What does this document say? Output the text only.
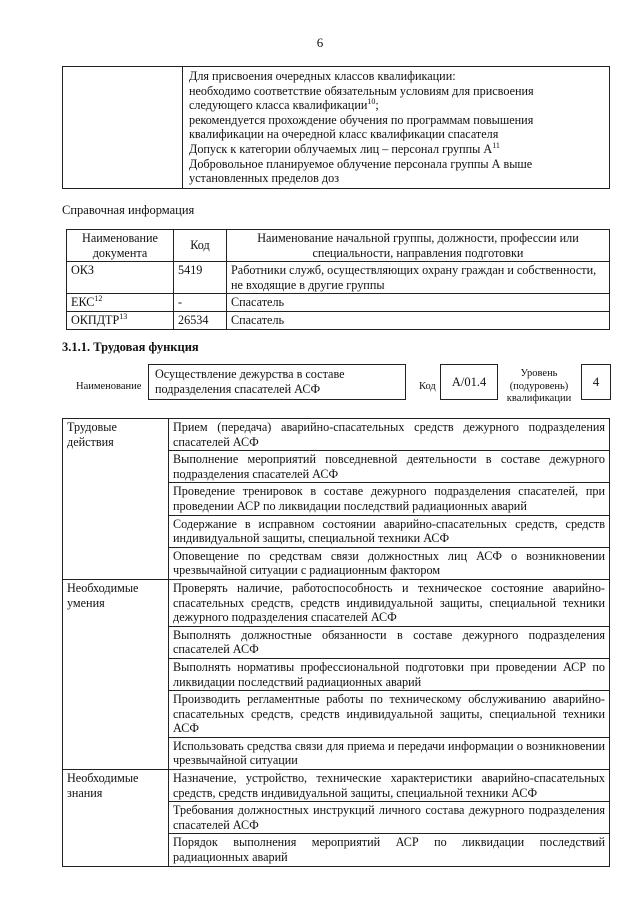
6

Для присвоения очередных классов квалификации:
необходимо соответствие обязательным условиям для присвоения
следующего класса квалификации$^{10}$;
рекомендуется прохождение обучения по программам повышения
квалификации на очередной класс квалификации спасателя
Допуск к категории облучаемых лиц – персонал группы $А^{11}$
Добровольное планируемое облучение персонала группы А выше
установленных пределов доз
Справочная информация
Наименование документа	Код	Наименование начальной группы, должности, профессии или специальности, направления подготовки
ОКЗ	5419	Работники служб, осуществляющих охрану граждан и собственности, не входящие в другие группы
ЕКС$^{12}$	-	Спасатель
ОКПДТР$^{13}$	26534	Спасатель
3.1.1. Трудовая функция
Наименование
Осуществление дежурства в составе подразделения спасателей АСФ	Код	А/01.4
Уровень (подуровень) квалификации
4
Трудовые действия	Прием (передача) аварийно-спасательных средств дежурного подразделения спасателей АСФ
	Выполнение мероприятий повседневной деятельности в составе дежурного подразделения спасателей АСФ
	Проведение тренировок в составе дежурного подразделения спасателей, при проведении АСР по ликвидации последствий радиационных аварий
	Содержание в исправном состоянии аварийно-спасательных средств, средств индивидуальной защиты, специальной техники АСФ
	Оповещение по средствам связи должностных лиц АСФ о возникновении чрезвычайной ситуации с радиационным фактором
Необходимые умения	Проверять наличие, работоспособность и техническое состояние аварийно-спасательных средств, средств индивидуальной защиты, специальной техники дежурного подразделения спасателей АСФ
	Выполнять должностные обязанности в составе дежурного подразделения спасателей АСФ
	Выполнять нормативы профессиональной подготовки при проведении АСР по ликвидации последствий радиационных аварий
	Производить регламентные работы по техническому обслуживанию аварийно-спасательных средств, средств индивидуальной защиты, специальной техники АСФ
	Использовать средства связи для приема и передачи информации о возникновении чрезвычайной ситуации
Необходимые знания	Назначение, устройство, технические характеристики аварийно-спасательных средств, средств индивидуальной защиты, специальной техники АСФ
	Требования должностных инструкций личного состава дежурного подразделения спасателей АСФ
	Порядок выполнения мероприятий АСР по ликвидации последствий радиационных аварий
